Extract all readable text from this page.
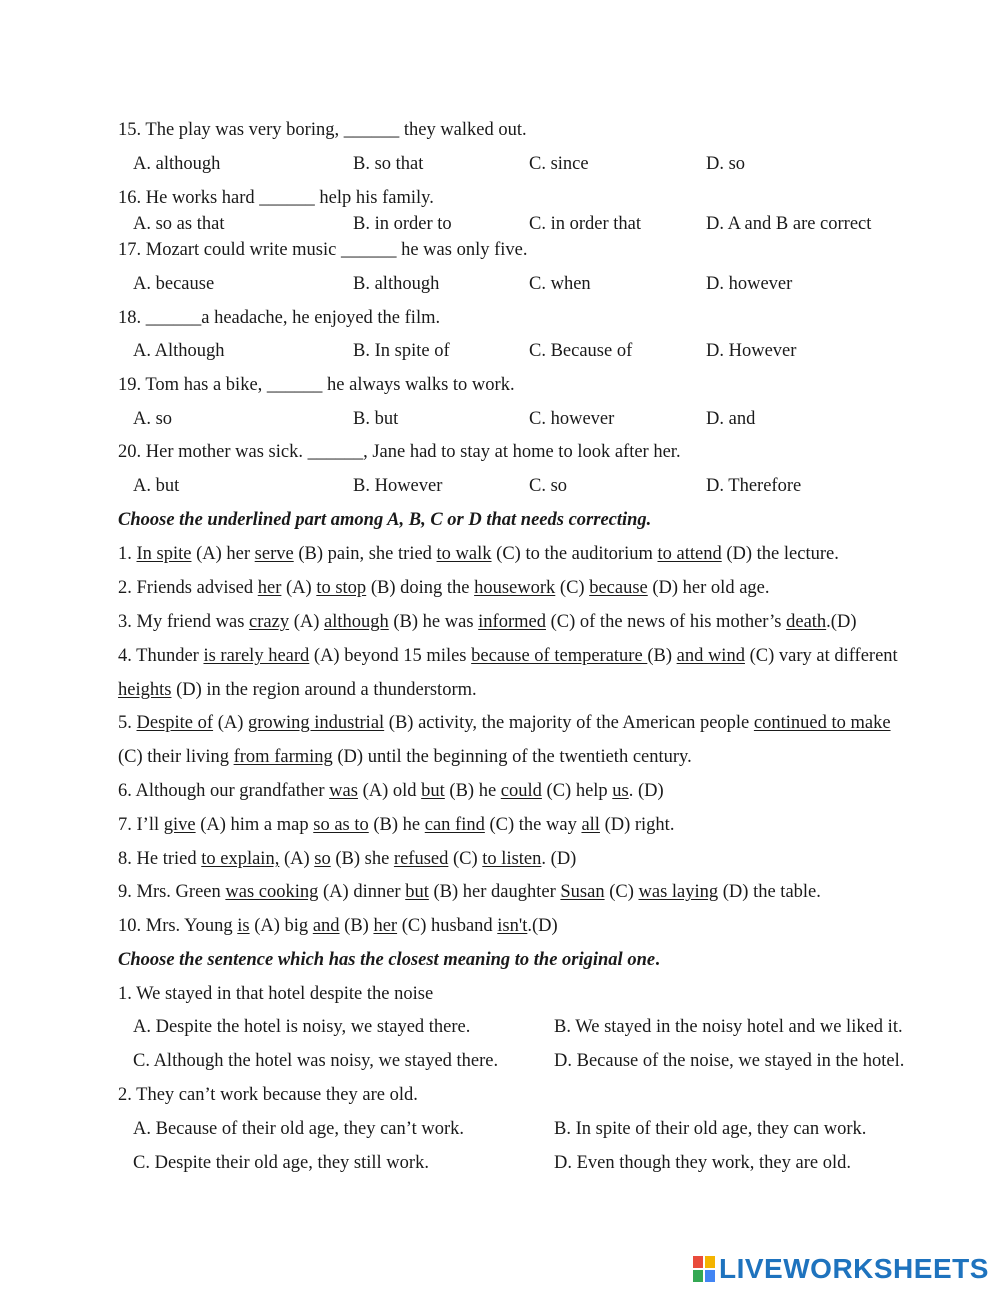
15. The play was very boring, ______ they walked out.
A. although	B. so that	C. since	D. so
16. He works hard ______ help his family.
A. so as that	B. in order to	C. in order that	D. A and B are correct
17. Mozart could write music ______ he was only five.
A. because	B. although	C. when	D. however
18. ______a headache, he enjoyed the film.
A. Although	B. In spite of	C. Because of	D. However
19. Tom has a bike, ______ he always walks to work.
A. so	B. but	C. however	D. and
20. Her mother was sick. ______, Jane had to stay at home to look after her.
A. but	B. However	C. so	D. Therefore
Choose the underlined part among A, B, C or D that needs correcting.
1. In spite (A) her serve (B) pain, she tried to walk (C) to the auditorium to attend (D) the lecture.
2. Friends advised her (A) to stop (B) doing the housework (C) because (D) her old age.
3. My friend was crazy (A) although (B) he was informed (C) of the news of his mother’s death.(D)
4. Thunder is rarely heard (A) beyond 15 miles because of temperature (B) and wind (C) vary at different
heights (D) in the region around a thunderstorm.
5. Despite of (A) growing industrial (B) activity, the majority of the American people continued to make
(C) their living from farming (D) until the beginning of the twentieth century.
6. Although our grandfather was (A) old but (B) he could (C) help us. (D)
7. I’ll give (A) him a map so as to (B) he can find (C) the way all (D) right.
8. He tried to explain, (A) so (B) she refused (C) to listen. (D)
9. Mrs. Green was cooking (A) dinner but (B) her daughter Susan (C) was laying (D) the table.
10. Mrs. Young is (A) big and (B) her (C) husband isn't.(D)
Choose the sentence which has the closest meaning to the original one.
1. We stayed in that hotel despite the noise
A. Despite the hotel is noisy, we stayed there.	B. We stayed in the noisy hotel and we liked it.
C. Although the hotel was noisy, we stayed there.	D. Because of the noise, we stayed in the hotel.
2. They can’t work because they are old.
A. Because of their old age, they can’t work.	B. In spite of their old age, they can work.
C. Despite their old age, they still work.	D. Even though they work, they are old.
LIVEWORKSHEETS
